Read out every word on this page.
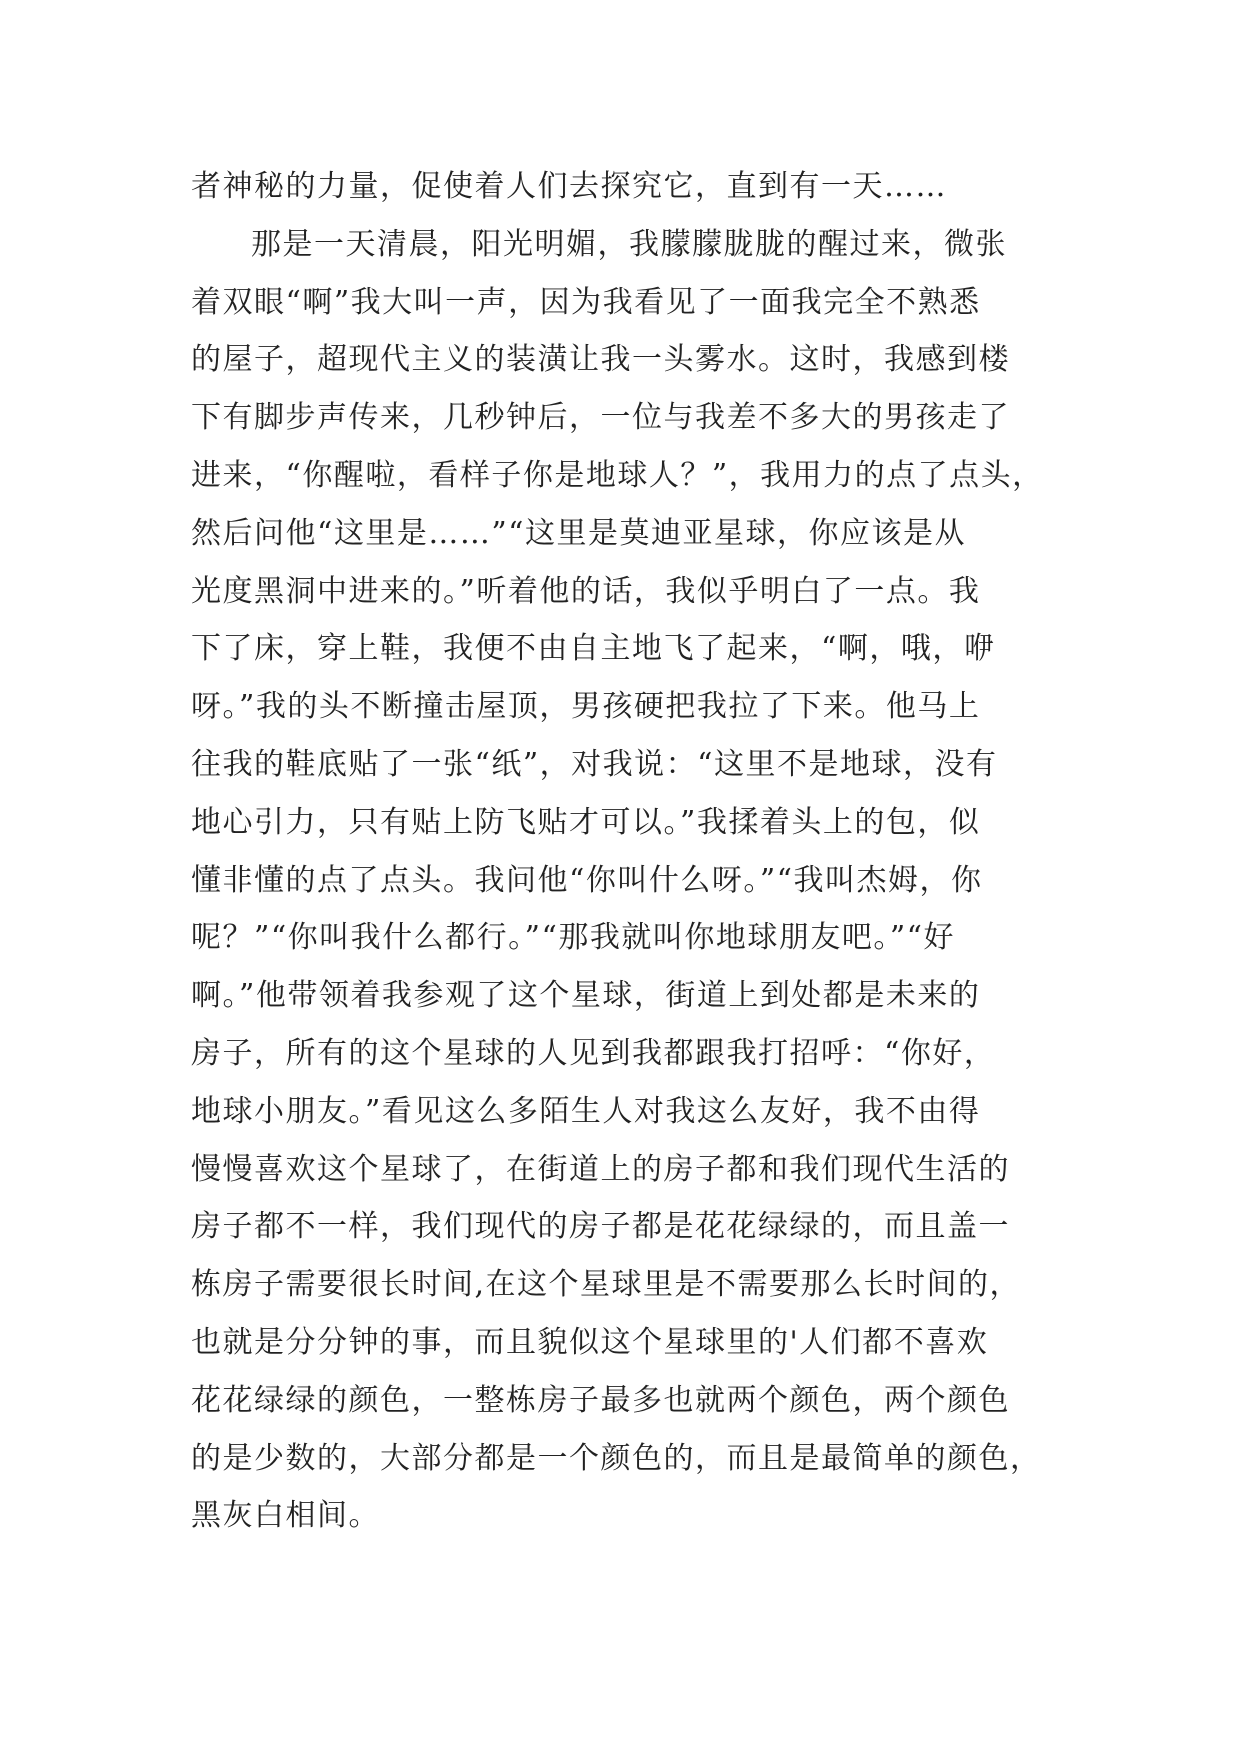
者神秘的力量，促使着人们去探究它，直到有一天……
那是一天清晨，阳光明媚，我朦朦胧胧的醒过来，微张
着双眼“啊”我大叫一声，因为我看见了一面我完全不熟悉
的屋子，超现代主义的装潢让我一头雾水。这时，我感到楼
下有脚步声传来，几秒钟后，一位与我差不多大的男孩走了
进来，“你醒啦，看样子你是地球人？”，我用力的点了点头，
然后问他“这里是……”“这里是莫迪亚星球，你应该是从
光度黑洞中进来的。”听着他的话，我似乎明白了一点。我
下了床，穿上鞋，我便不由自主地飞了起来，“啊，哦，咿
呀。”我的头不断撞击屋顶，男孩硬把我拉了下来。他马上
往我的鞋底贴了一张“纸”，对我说：“这里不是地球，没有
地心引力，只有贴上防飞贴才可以。”我揉着头上的包，似
懂非懂的点了点头。我问他“你叫什么呀。”“我叫杰姆，你
呢？”“你叫我什么都行。”“那我就叫你地球朋友吧。”“好
啊。”他带领着我参观了这个星球，街道上到处都是未来的
房子，所有的这个星球的人见到我都跟我打招呼：“你好，
地球小朋友。”看见这么多陌生人对我这么友好，我不由得
慢慢喜欢这个星球了，在街道上的房子都和我们现代生活的
房子都不一样，我们现代的房子都是花花绿绿的，而且盖一
栋房子需要很长时间,在这个星球里是不需要那么长时间的，
也就是分分钟的事，而且貌似这个星球里的'人们都不喜欢
花花绿绿的颜色，一整栋房子最多也就两个颜色，两个颜色
的是少数的，大部分都是一个颜色的，而且是最简单的颜色，
黑灰白相间。
